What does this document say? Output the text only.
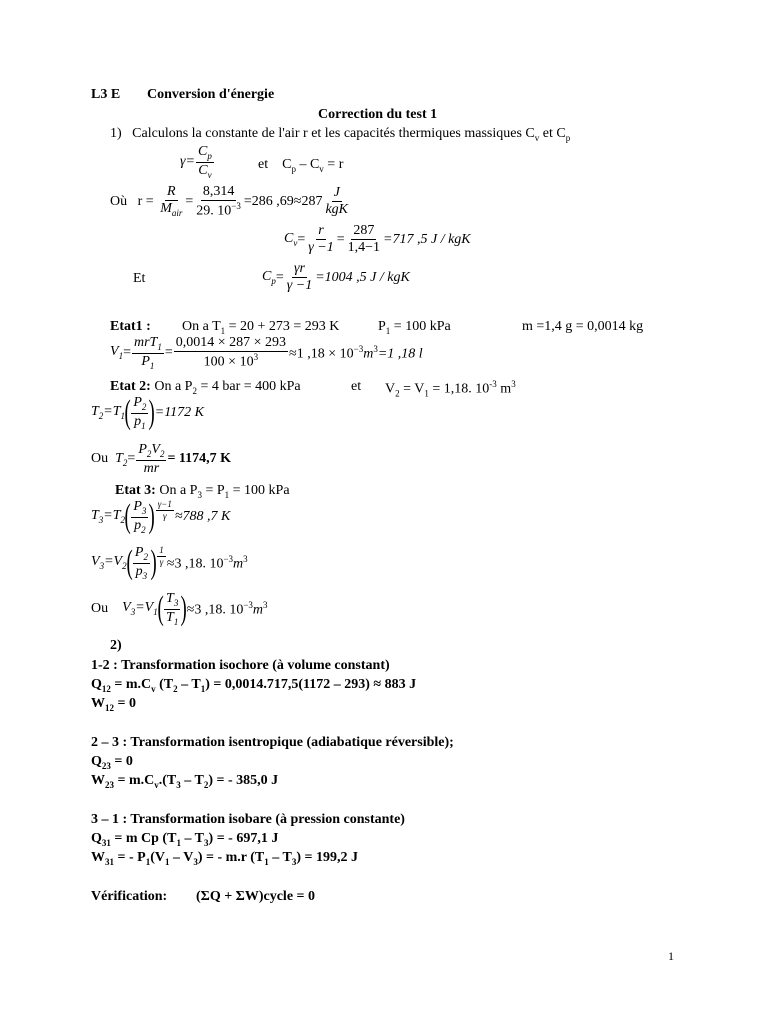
L3 E Conversion d'énergie
Correction du test 1
1) Calculons la constante de l'air r et les capacités thermiques massiques $C_v$ et $C_p$
$\gamma= \frac{C_p}{C_v}$	et $C_p - C_v = r$
Où
r =
$\frac{R}{M_{air}} = \frac{8,314}{29. 10^{-3}} =286$ $,69\approx 287 \frac{J}{\text{kgK}}$
$C_v = \frac{r}{\gamma -1} = \frac{287}{1,4-1} =717$ ,5 J / kgK
Et	$C_p = \frac{\gamma r}{\gamma -1} =1004$ ,5 J / kgK
Etat1 : On a $T_1 = 20 + 273 = 293$ K	$P_1 = 100$ kPa	m =1,4 g = 0,0014 kg
$V_1 = \frac{mrT_1}{P_1} = \frac{0,0014 \times 287 \times 293}{100 \times 10^3} \approx 1$ $,18 \times 10^{-3}m^3=1$ ,18 l
Etat 2: On a $P_2 = 4$ bar = 400 kPa	et $V_2 = V_1 = 1,18$. $10^{-3}$ $m^3$
$T_2=T_1$ ( $\frac{P_2}{p_1}$ ) =1172 K
Ou
$T_2 = \frac{P_2V_2}{mr} = 1174,7$ K
Etat 3: On a $P_3 = P_1 = 100$ kPa
$T_3=T_2$ ( $\frac{P_3}{p_2}$ ) $\frac{\gamma-1}{\gamma} \approx 788$ ,7 K
$V_3=V_2$ ( $\frac{P_2}{p_3}$ ) $\frac{1}{\gamma} \approx 3$ ,18. $10^{-3}m^3$
Ou
$V_3=V_1$ ( $\frac{T_3}{T_1}$ ) ≈3 ,18. $10^{-3}m^3$
2)
1-2 : Transformation isochore (à volume constant)
$Q_{12} = m.C_v$ $(T_2 - T_1) = 0,0014.717,5(1172 - 293) \approx 883$ J
$W_{12} = 0$
2 – 3 : Transformation isentropique (adiabatique réversible);
$Q_{23} = 0$
$W_{23} = m.C_v.(T_3 - T_2)$ = - 385,0 J
3 – 1 : Transformation isobare (à pression constante)
$Q_{31} = m$ Cp $(T_1 - T_3)$ = - 697,1 J
$W_{31}$ = - $P_1(V_1 - V_3)$ = - m.r $(T_1 - T_3) = 199,2$ J
Vérification: (ΣQ + ΣW)cycle = 0
1
